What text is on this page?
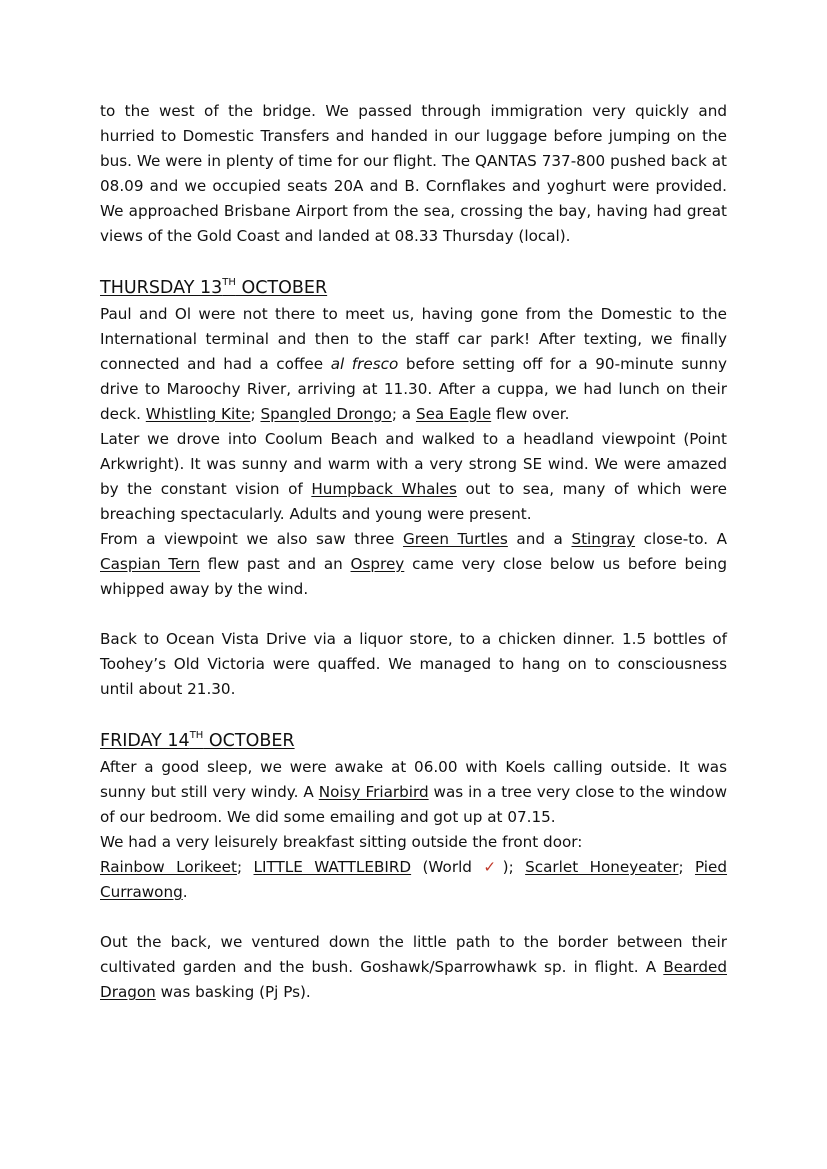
to the west of the bridge. We passed through immigration very quickly and hurried to Domestic Transfers and handed in our luggage before jumping on the bus. We were in plenty of time for our flight. The QANTAS 737-800 pushed back at 08.09 and we occupied seats 20A and B. Cornflakes and yoghurt were provided. We approached Brisbane Airport from the sea, crossing the bay, having had great views of the Gold Coast and landed at 08.33 Thursday (local).

THURSDAY 13TH OCTOBER

Paul and Ol were not there to meet us, having gone from the Domestic to the International terminal and then to the staff car park! After texting, we finally connected and had a coffee al fresco before setting off for a 90-minute sunny drive to Maroochy River, arriving at 11.30. After a cuppa, we had lunch on their deck. Whistling Kite; Spangled Drongo; a Sea Eagle flew over.

Later we drove into Coolum Beach and walked to a headland viewpoint (Point Arkwright). It was sunny and warm with a very strong SE wind. We were amazed by the constant vision of Humpback Whales out to sea, many of which were breaching spectacularly. Adults and young were present.

From a viewpoint we also saw three Green Turtles and a Stingray close-to. A Caspian Tern flew past and an Osprey came very close below us before being whipped away by the wind.

Back to Ocean Vista Drive via a liquor store, to a chicken dinner. 1.5 bottles of Toohey’s Old Victoria were quaffed. We managed to hang on to consciousness until about 21.30.

FRIDAY 14TH OCTOBER

After a good sleep, we were awake at 06.00 with Koels calling outside. It was sunny but still very windy. A Noisy Friarbird was in a tree very close to the window of our bedroom. We did some emailing and got up at 07.15.

We had a very leisurely breakfast sitting outside the front door:

Rainbow Lorikeet; LITTLE WATTLEBIRD (World ✓); Scarlet Honeyeater; Pied Currawong.

Out the back, we ventured down the little path to the border between their cultivated garden and the bush. Goshawk/Sparrowhawk sp. in flight. A Bearded Dragon was basking (Pj Ps).
